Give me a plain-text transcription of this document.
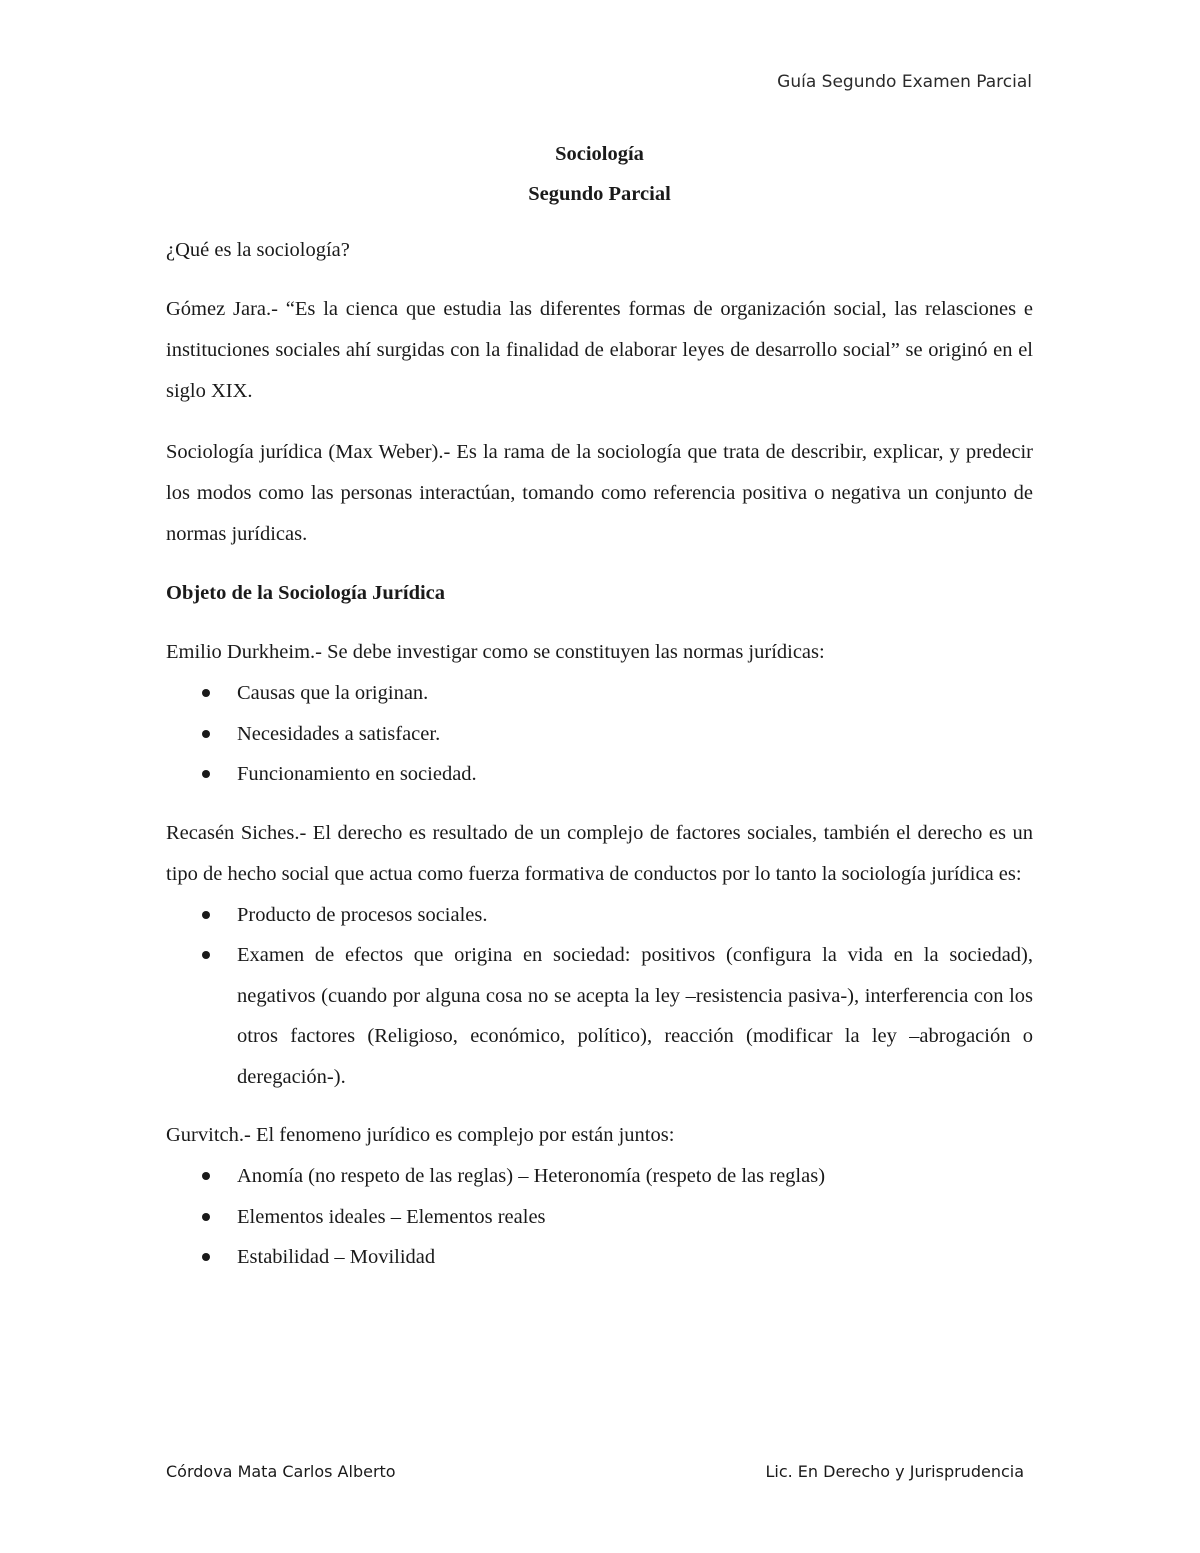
Guía Segundo Examen Parcial

Sociología

Segundo Parcial

¿Qué es la sociología?

Gómez Jara.- “Es la cienca que estudia las diferentes formas de organización social, las relasciones e instituciones sociales ahí surgidas con la finalidad de elaborar leyes de desarrollo social” se originó en el siglo XIX.

Sociología jurídica (Max Weber).- Es la rama de la sociología que trata de describir, explicar, y predecir los modos como las personas interactúan, tomando como referencia positiva o negativa un conjunto de normas jurídicas.

Objeto de la Sociología Jurídica

Emilio Durkheim.- Se debe investigar como se constituyen las normas jurídicas:

Causas que la originan.
Necesidades a satisfacer.
Funcionamiento en sociedad.

Recasén Siches.- El derecho es resultado de un complejo de factores sociales, también el derecho es un tipo de hecho social que actua como fuerza formativa de conductos por lo tanto la sociología jurídica es:

Producto de procesos sociales.
Examen de efectos que origina en sociedad: positivos (configura la vida en la sociedad), negativos (cuando por alguna cosa no se acepta la ley –resistencia pasiva-), interferencia con los otros factores (Religioso, económico, político), reacción (modificar la ley –abrogación o deregación-).

Gurvitch.- El fenomeno jurídico es complejo por están juntos:

Anomía (no respeto de las reglas) – Heteronomía (respeto de las reglas)
Elementos ideales – Elementos reales
Estabilidad – Movilidad
Córdova Mata Carlos Alberto	Lic. En Derecho y Jurisprudencia
